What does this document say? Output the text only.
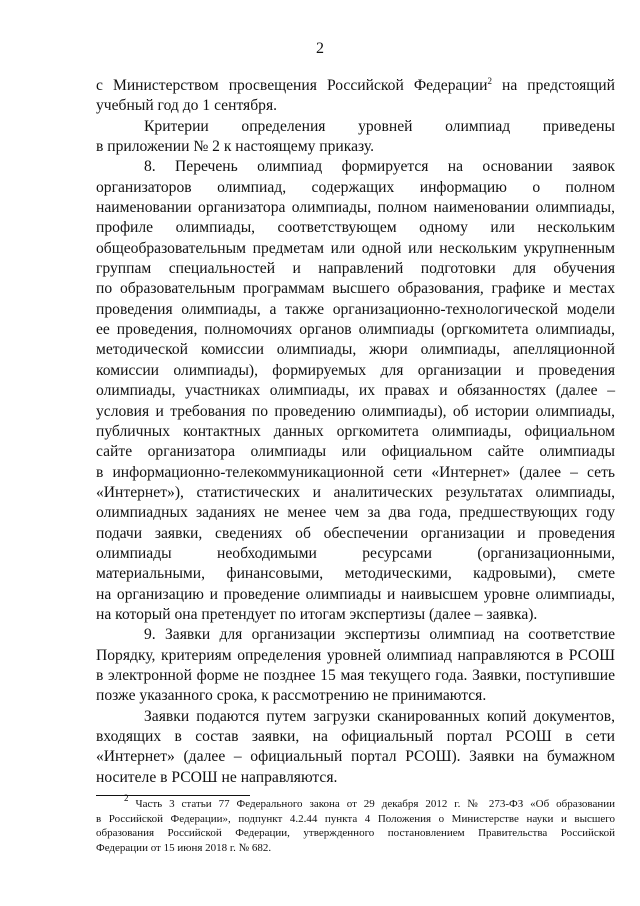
2
с Министерством просвещения Российской Федерации$^2$ на предстоящий
учебный год до 1 сентября.
Критерии определения уровней олимпиад приведены
в приложении № 2 к настоящему приказу.
8. Перечень олимпиад формируется на основании заявок
организаторов олимпиад, содержащих информацию о полном
наименовании организатора олимпиады, полном наименовании олимпиады,
профиле олимпиады, соответствующем одному или нескольким
общеобразовательным предметам или одной или нескольким укрупненным
группам специальностей и направлений подготовки для обучения
по образовательным программам высшего образования, графике и местах
проведения олимпиады, а также организационно-технологической модели
ее проведения, полномочиях органов олимпиады (оргкомитета олимпиады,
методической комиссии олимпиады, жюри олимпиады, апелляционной
комиссии олимпиады), формируемых для организации и проведения
олимпиады, участниках олимпиады, их правах и обязанностях (далее –
условия и требования по проведению олимпиады), об истории олимпиады,
публичных контактных данных оргкомитета олимпиады, официальном
сайте организатора олимпиады или официальном сайте олимпиады
в информационно-телекоммуникационной сети «Интернет» (далее – сеть
«Интернет»), статистических и аналитических результатах олимпиады,
олимпиадных заданиях не менее чем за два года, предшествующих году
подачи заявки, сведениях об обеспечении организации и проведения
олимпиады необходимыми ресурсами (организационными,
материальными, финансовыми, методическими, кадровыми), смете
на организацию и проведение олимпиады и наивысшем уровне олимпиады,
на который она претендует по итогам экспертизы (далее – заявка).
9. Заявки для организации экспертизы олимпиад на соответствие
Порядку, критериям определения уровней олимпиад направляются в РСОШ
в электронной форме не позднее 15 мая текущего года. Заявки, поступившие
позже указанного срока, к рассмотрению не принимаются.
Заявки подаются путем загрузки сканированных копий документов,
входящих в состав заявки, на официальный портал РСОШ в сети
«Интернет» (далее – официальный портал РСОШ). Заявки на бумажном
носителе в РСОШ не направляются.
$^2$ Часть 3 статьи 77 Федерального закона от 29 декабря 2012 г. № 273-ФЗ «Об образовании
в Российской Федерации», подпункт 4.2.44 пункта 4 Положения о Министерстве науки и высшего
образования Российской Федерации, утвержденного постановлением Правительства Российской
Федерации от 15 июня 2018 г. № 682.
